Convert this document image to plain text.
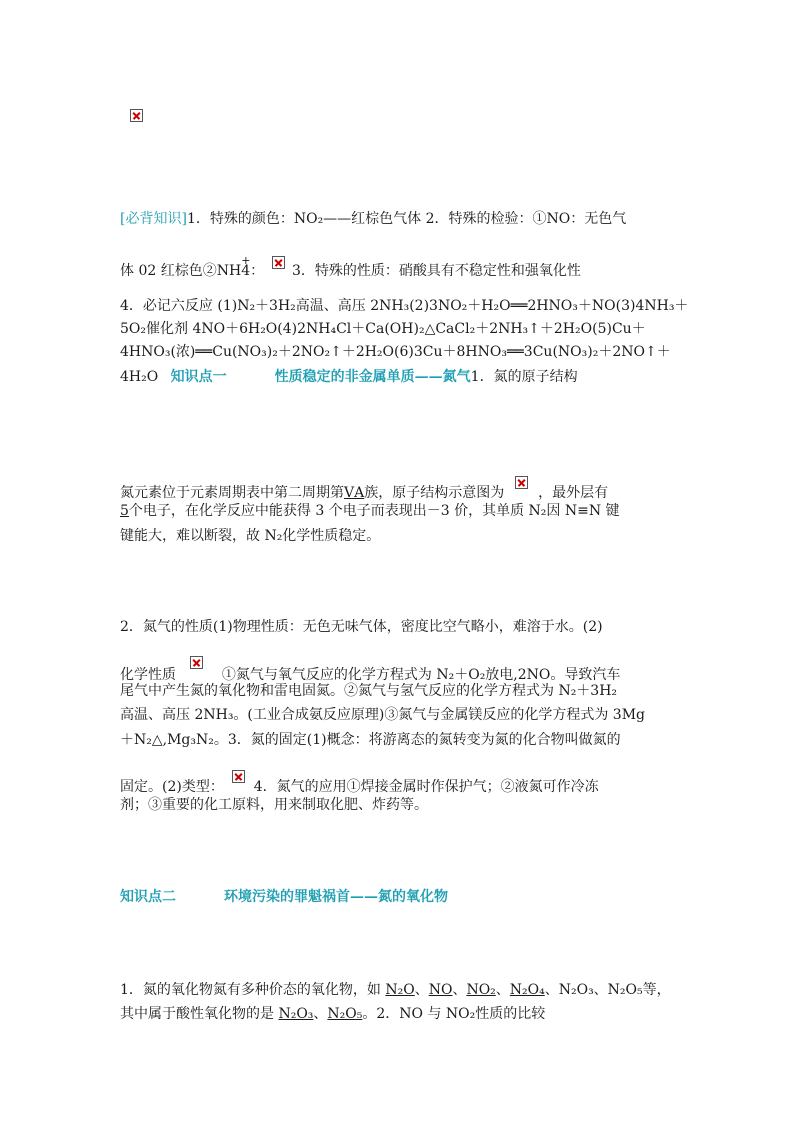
[必背知识]1．特殊的颜色：NO₂——红棕色气体 2．特殊的检验：①NO：无色气
体 02 红棕色②NH
+
4：  3．特殊的性质：硝酸具有不稳定性和强氧化性
4．必记六反应 (1)N₂＋3H₂高温、高压 2NH₃(2)3NO₂＋H₂O══2HNO₃＋NO(3)4NH₃＋
5O₂催化剂 4NO＋6H₂O(4)2NH₄Cl＋Ca(OH)₂△CaCl₂＋2NH₃↑＋2H₂O(5)Cu＋
4HNO₃(浓)══Cu(NO₃)₂＋2NO₂↑＋2H₂O(6)3Cu＋8HNO₃══3Cu(NO₃)₂＋2NO↑＋
4H₂O 知识点一	性质稳定的非金属单质——氮气1．氮的原子结构
氮元素位于元素周期表中第二周期第ⅤA族，原子结构示意图为 ，最外层有
5个电子，在化学反应中能获得 3 个电子而表现出－3 价，其单质 N₂因 N≡N 键
键能大，难以断裂，故 N₂化学性质稳定。
2．氮气的性质(1)物理性质：无色无味气体，密度比空气略小，难溶于水。(2)
化学性质	①氮气与氧气反应的化学方程式为 N₂＋O₂放电,2NO。导致汽车
尾气中产生氮的氧化物和雷电固氮。②氮气与氢气反应的化学方程式为 N₂＋3H₂
高温、高压 2NH₃。(工业合成氨反应原理)③氮气与金属镁反应的化学方程式为 3Mg
＋N₂△,Mg₃N₂。3．氮的固定(1)概念：将游离态的氮转变为氮的化合物叫做氮的
固定。(2)类型：  4．氮气的应用①焊接金属时作保护气；②液氮可作冷冻
剂；③重要的化工原料，用来制取化肥、炸药等。
知识点二	环境污染的罪魁祸首——氮的氧化物
1．氮的氧化物氮有多种价态的氧化物，如 N₂O、NO、NO₂、N₂O₄、N₂O₃、N₂O₅等，
其中属于酸性氧化物的是 N₂O₃、N₂O₅。2．NO 与 NO₂性质的比较
